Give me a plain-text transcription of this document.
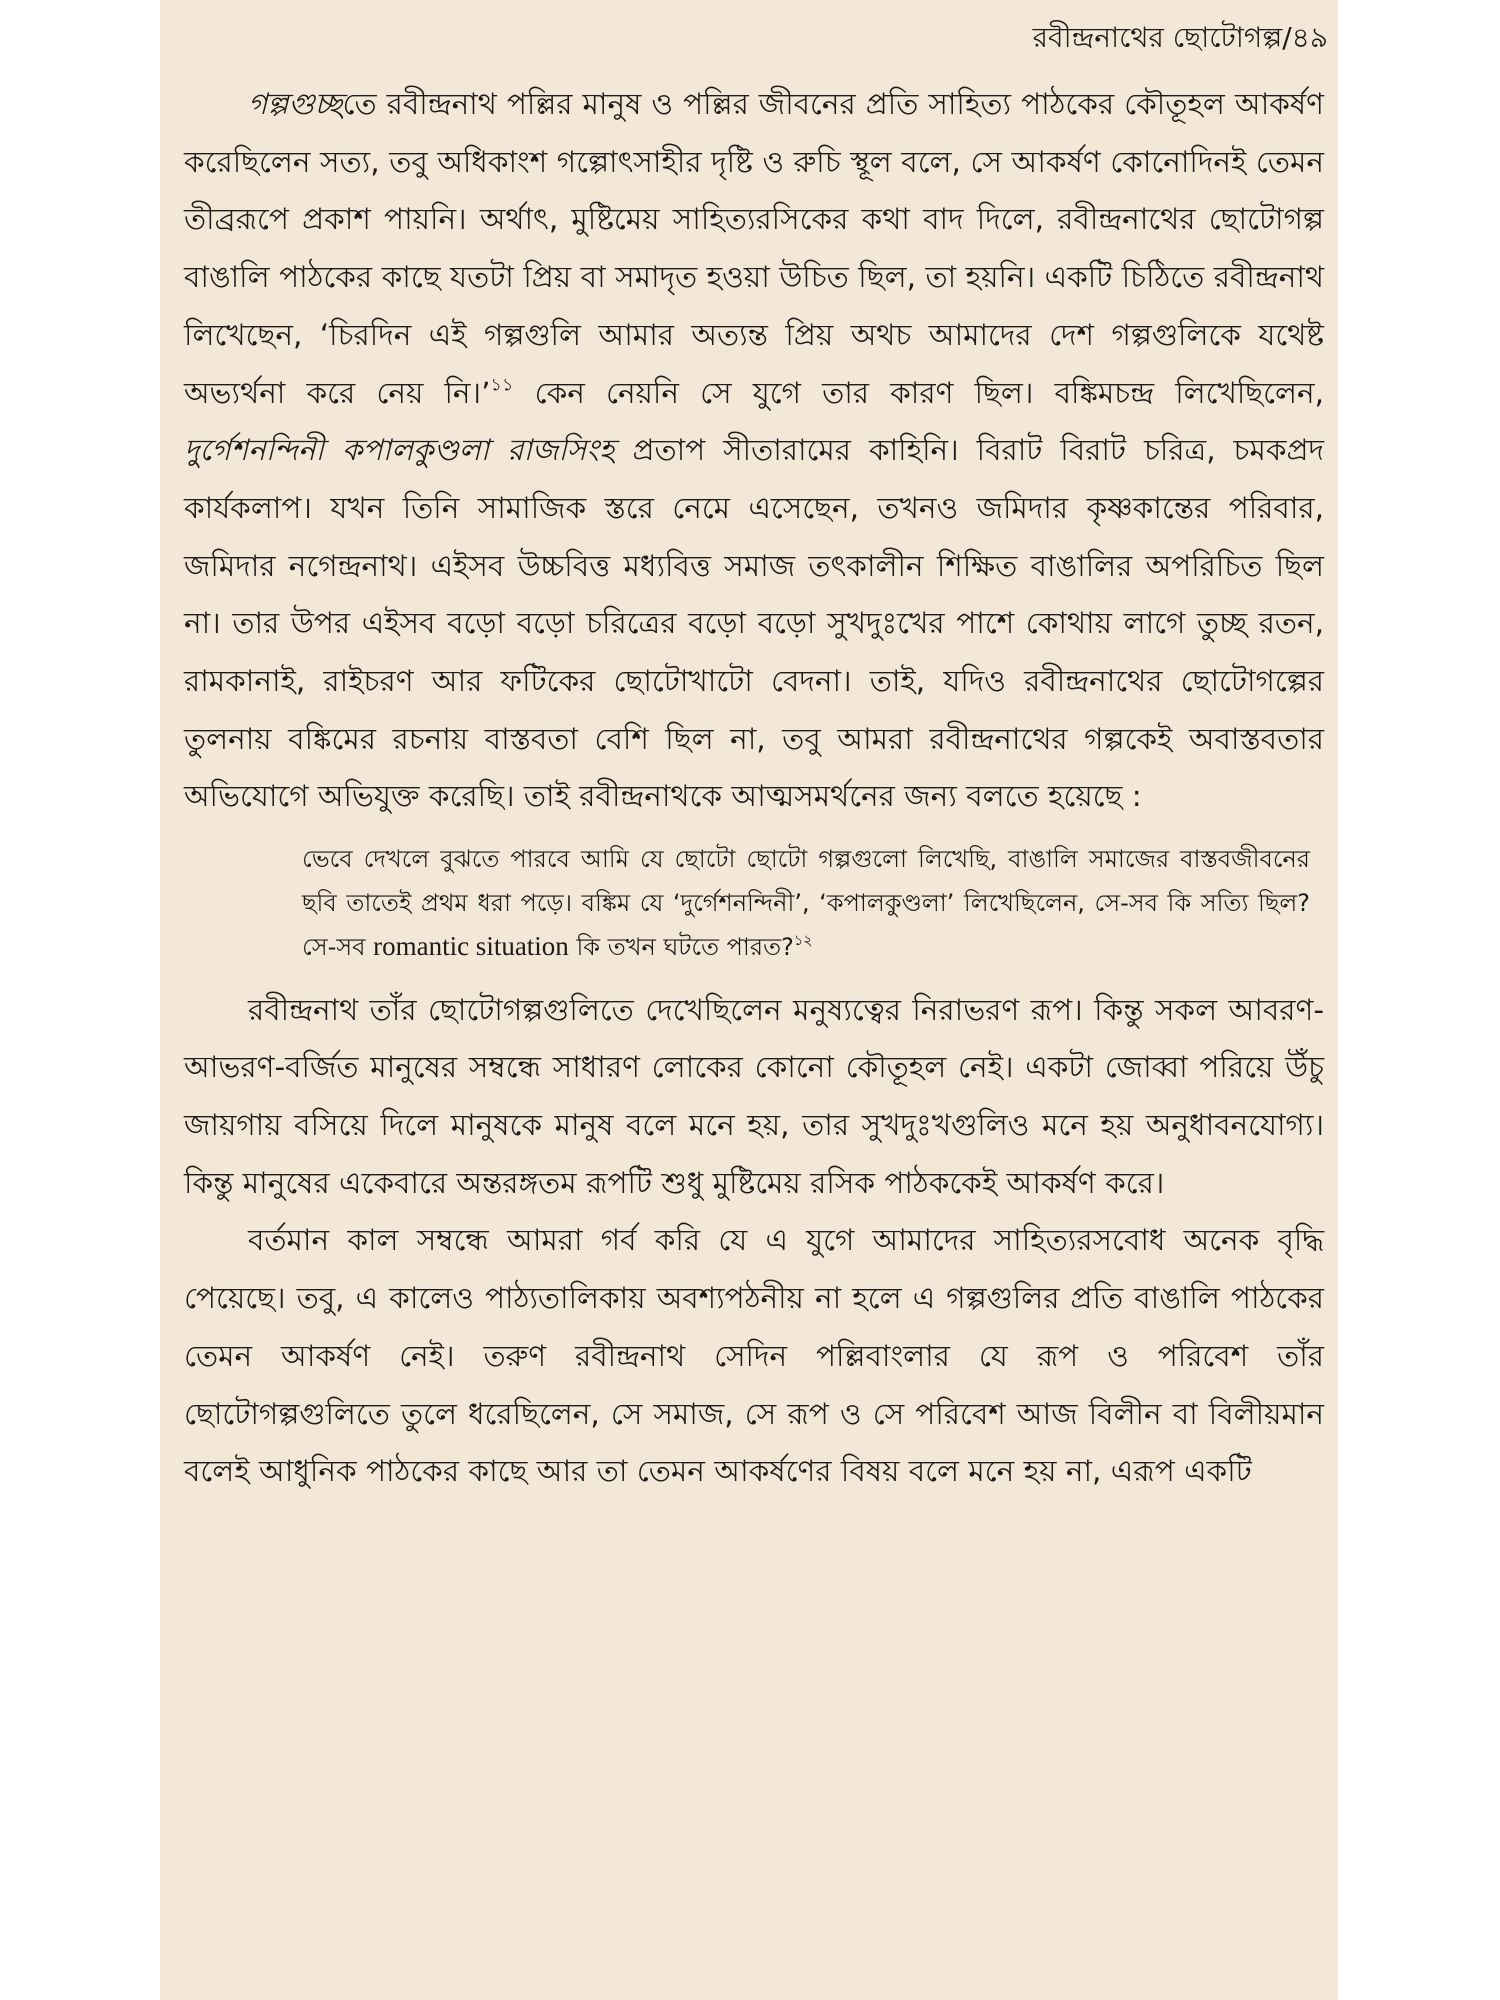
রবীন্দ্রনাথের ছোটোগল্প/৪৯

গল্পগুচ্ছতে রবীন্দ্রনাথ পল্লির মানুষ ও পল্লির জীবনের প্রতি সাহিত্য পাঠকের কৌতূহল আকর্ষণ করেছিলেন সত্য, তবু অধিকাংশ গল্পোৎসাহীর দৃষ্টি ও রুচি স্থূল বলে, সে আকর্ষণ কোনোদিনই তেমন তীব্ররূপে প্রকাশ পায়নি। অর্থাৎ, মুষ্টিমেয় সাহিত্যরসিকের কথা বাদ দিলে, রবীন্দ্রনাথের ছোটোগল্প বাঙালি পাঠকের কাছে যতটা প্রিয় বা সমাদৃত হওয়া উচিত ছিল, তা হয়নি। একটি চিঠিতে রবীন্দ্রনাথ লিখেছেন, ‘চিরদিন এই গল্পগুলি আমার অত্যন্ত প্রিয় অথচ আমাদের দেশ গল্পগুলিকে যথেষ্ট অভ্যর্থনা করে নেয় নি।’$^{১১}$ কেন নেয়নি সে যুগে তার কারণ ছিল। বঙ্কিমচন্দ্র লিখেছিলেন, দুর্গেশনন্দিনী কপালকুণ্ডলা রাজসিংহ প্রতাপ সীতারামের কাহিনি। বিরাট বিরাট চরিত্র, চমকপ্রদ কার্যকলাপ। যখন তিনি সামাজিক স্তরে নেমে এসেছেন, তখনও জমিদার কৃষ্ণকান্তের পরিবার, জমিদার নগেন্দ্রনাথ। এইসব উচ্চবিত্ত মধ্যবিত্ত সমাজ তৎকালীন শিক্ষিত বাঙালির অপরিচিত ছিল না। তার উপর এইসব বড়ো বড়ো চরিত্রের বড়ো বড়ো সুখদুঃখের পাশে কোথায় লাগে তুচ্ছ রতন, রামকানাই, রাইচরণ আর ফটিকের ছোটোখাটো বেদনা। তাই, যদিও রবীন্দ্রনাথের ছোটোগল্পের তুলনায় বঙ্কিমের রচনায় বাস্তবতা বেশি ছিল না, তবু আমরা রবীন্দ্রনাথের গল্পকেই অবাস্তবতার অভিযোগে অভিযুক্ত করেছি। তাই রবীন্দ্রনাথকে আত্মসমর্থনের জন্য বলতে হয়েছে :

ভেবে দেখলে বুঝতে পারবে আমি যে ছোটো ছোটো গল্পগুলো লিখেছি, বাঙালি সমাজের বাস্তবজীবনের ছবি তাতেই প্রথম ধরা পড়ে। বঙ্কিম যে ‘দুর্গেশনন্দিনী’, ‘কপালকুণ্ডলা’ লিখেছিলেন, সে-সব কি সত্যি ছিল? সে-সব romantic situation কি তখন ঘটতে পারত?$^{১২}$

রবীন্দ্রনাথ তাঁর ছোটোগল্পগুলিতে দেখেছিলেন মনুষ্যত্বের নিরাভরণ রূপ। কিন্তু সকল আবরণ-আভরণ-বর্জিত মানুষের সম্বন্ধে সাধারণ লোকের কোনো কৌতূহল নেই। একটা জোব্বা পরিয়ে উঁচু জায়গায় বসিয়ে দিলে মানুষকে মানুষ বলে মনে হয়, তার সুখদুঃখগুলিও মনে হয় অনুধাবনযোগ্য। কিন্তু মানুষের একেবারে অন্তরঙ্গতম রূপটি শুধু মুষ্টিমেয় রসিক পাঠককেই আকর্ষণ করে।

বর্তমান কাল সম্বন্ধে আমরা গর্ব করি যে এ যুগে আমাদের সাহিত্যরসবোধ অনেক বৃদ্ধি পেয়েছে। তবু, এ কালেও পাঠ্যতালিকায় অবশ্যপঠনীয় না হলে এ গল্পগুলির প্রতি বাঙালি পাঠকের তেমন আকর্ষণ নেই। তরুণ রবীন্দ্রনাথ সেদিন পল্লিবাংলার যে রূপ ও পরিবেশ তাঁর ছোটোগল্পগুলিতে তুলে ধরেছিলেন, সে সমাজ, সে রূপ ও সে পরিবেশ আজ বিলীন বা বিলীয়মান বলেই আধুনিক পাঠকের কাছে আর তা তেমন আকর্ষণের বিষয় বলে মনে হয় না, এরূপ একটি
